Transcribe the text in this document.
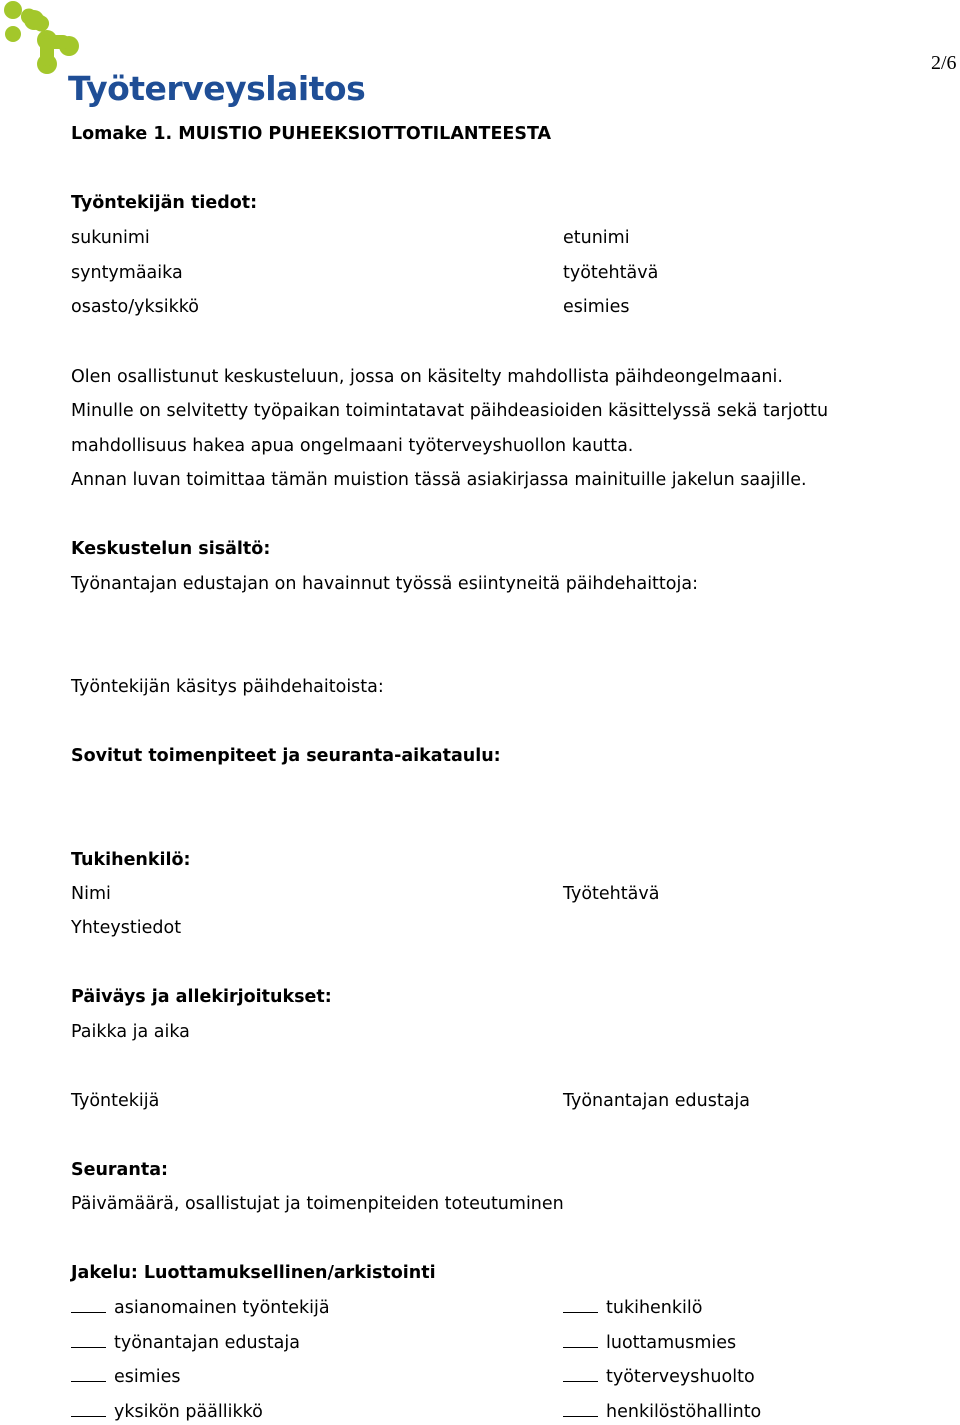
Työterveyslaitos
2/6
Lomake 1. MUISTIO PUHEEKSIOTTOTILANTEESTA
Työntekijän tiedot:
sukunimi
syntymäaika
osasto/yksikkö
etunimi
työtehtävä
esimies
Olen osallistunut keskusteluun, jossa on käsitelty mahdollista päihdeongelmaani.
Minulle on selvitetty työpaikan toimintatavat päihdeasioiden käsittelyssä sekä tarjottu
mahdollisuus hakea apua ongelmaani työterveyshuollon kautta.
Annan luvan toimittaa tämän muistion tässä asiakirjassa mainituille jakelun saajille.
Keskustelun sisältö:
Työnantajan edustajan on havainnut työssä esiintyneitä päihdehaittoja:
Työntekijän käsitys päihdehaitoista:
Sovitut toimenpiteet ja seuranta-aikataulu:
Tukihenkilö:
Nimi	Työtehtävä
Yhteystiedot
Päiväys ja allekirjoitukset:
Paikka ja aika
Työntekijä	Työnantajan edustaja
Seuranta:
Päivämäärä, osallistujat ja toimenpiteiden toteutuminen
Jakelu: Luottamuksellinen/arkistointi
asianomainen työntekijä
työnantajan edustaja
esimies
yksikön päällikkö
tukihenkilö
luottamusmies
työterveyshuolto
henkilöstöhallinto
